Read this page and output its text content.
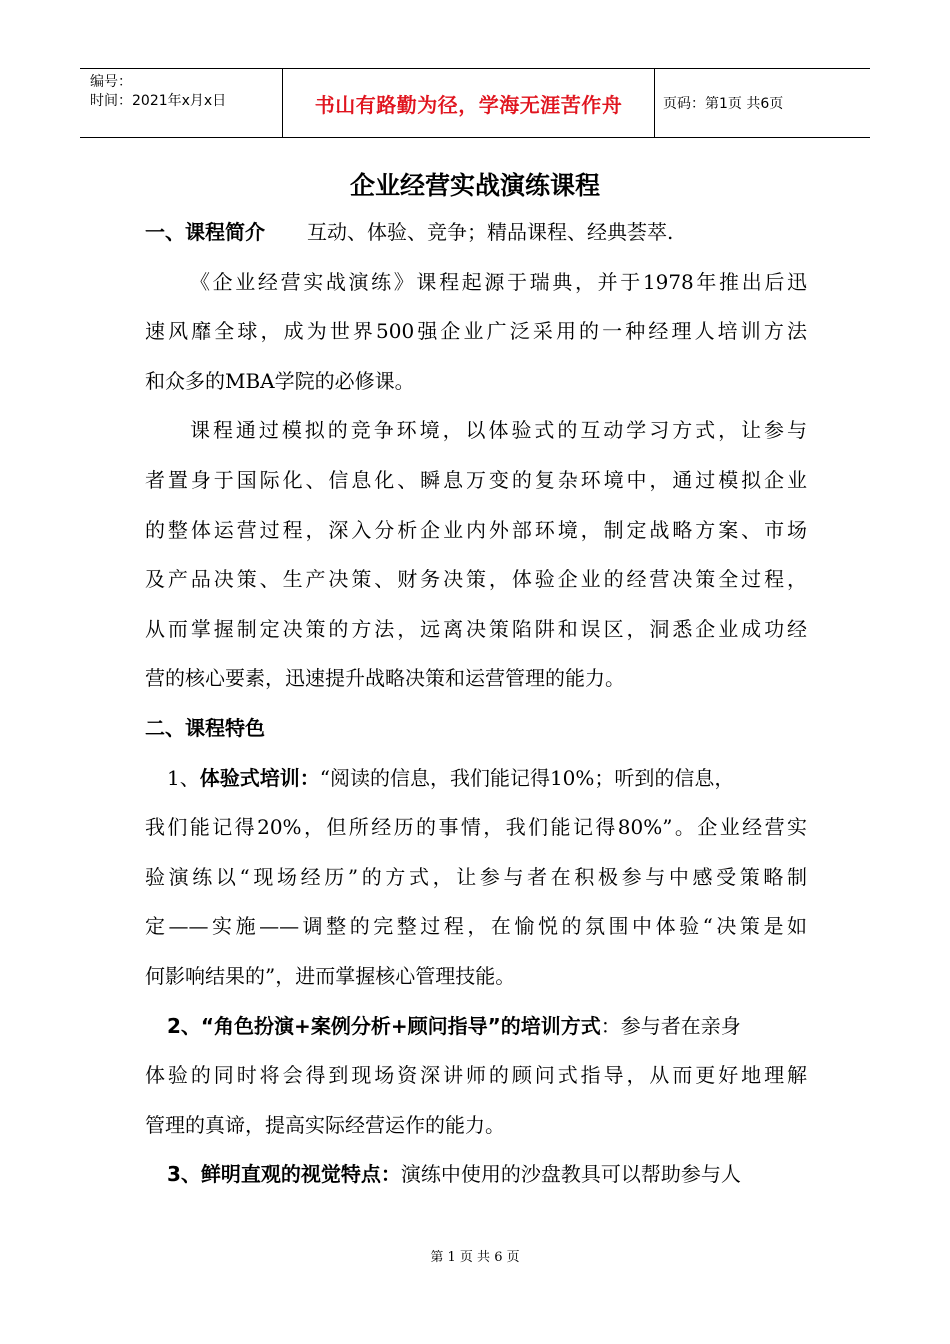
编号：
时间：2021年x月x日	书山有路勤为径，学海无涯苦作舟	页码：第1页 共6页
企业经营实战演练课程
一、课程简介 互动、体验、竞争；精品课程、经典荟萃.
《企业经营实战演练》课程起源于瑞典，并于1978年推出后迅
速风靡全球，成为世界500强企业广泛采用的一种经理人培训方法
和众多的MBA学院的必修课。
课程通过模拟的竞争环境，以体验式的互动学习方式，让参与
者置身于国际化、信息化、瞬息万变的复杂环境中，通过模拟企业
的整体运营过程，深入分析企业内外部环境，制定战略方案、市场
及产品决策、生产决策、财务决策，体验企业的经营决策全过程，
从而掌握制定决策的方法，远离决策陷阱和误区，洞悉企业成功经
营的核心要素，迅速提升战略决策和运营管理的能力。
二、课程特色
1、体验式培训：“阅读的信息，我们能记得10%；听到的信息，
我们能记得20%，但所经历的事情，我们能记得80%”。企业经营实
验演练以“现场经历”的方式，让参与者在积极参与中感受策略制
定——实施——调整的完整过程，在愉悦的氛围中体验“决策是如
何影响结果的”，进而掌握核心管理技能。
2、“角色扮演+案例分析+顾问指导”的培训方式：参与者在亲身
体验的同时将会得到现场资深讲师的顾问式指导，从而更好地理解
管理的真谛，提高实际经营运作的能力。
3、鲜明直观的视觉特点：演练中使用的沙盘教具可以帮助参与人
第 1 页 共 6 页
